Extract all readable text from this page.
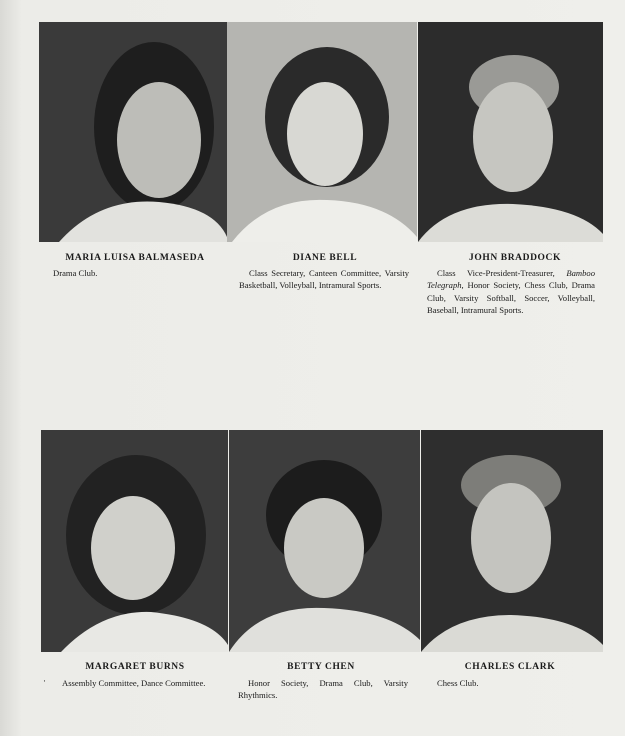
MARIA LUISA BALMASEDA
Drama Club.
DIANE BELL
Class Secretary, Canteen Committee, Varsity Basketball, Volleyball, Intramural Sports.
JOHN BRADDOCK
Class Vice-President-Treasurer, Bamboo Telegraph, Honor Society, Chess Club, Drama Club, Varsity Softball, Soccer, Volleyball, Baseball, Intramural Sports.
MARGARET BURNS
·	Assembly Committee, Dance Committee.
BETTY CHEN
Honor Society, Drama Club, Varsity Rhythmics.
CHARLES CLARK
Chess Club.
